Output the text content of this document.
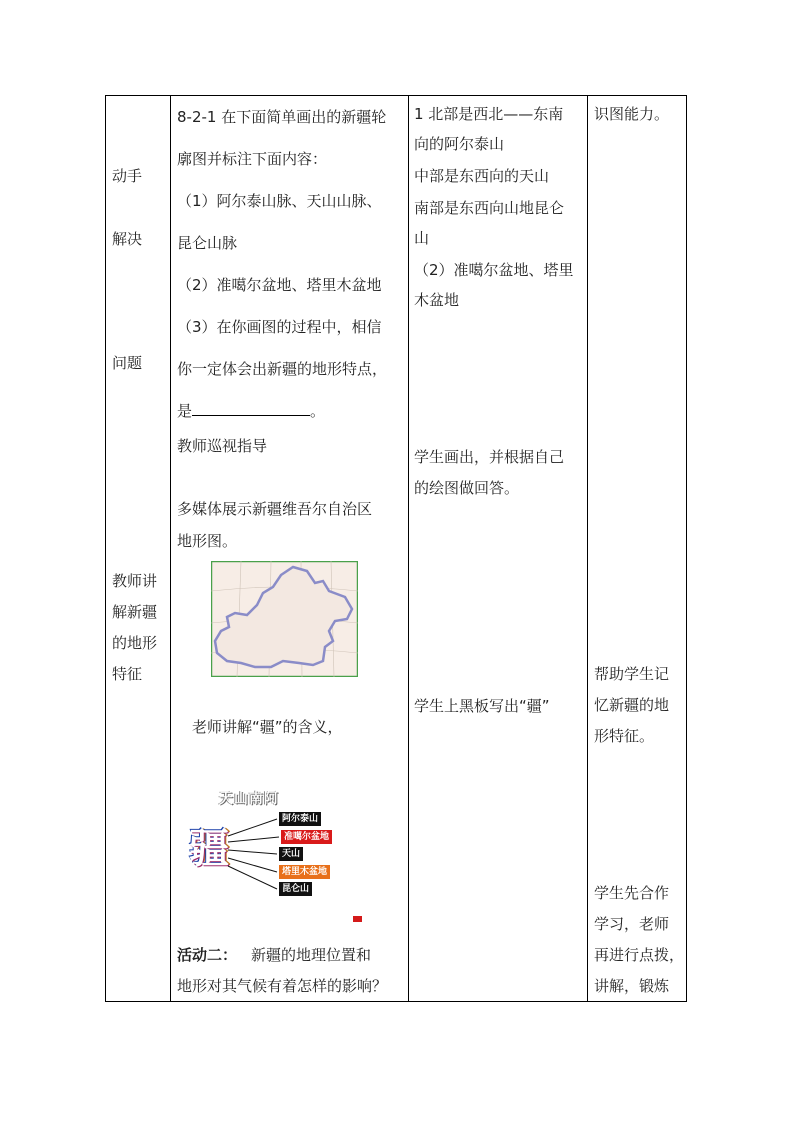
动手
解决
问题
教师讲
解新疆
的地形
特征
8-2-1 在下面简单画出的新疆轮
廓图并标注下面内容：
（1）阿尔泰山脉、天山山脉、
昆仑山脉
（2）准噶尔盆地、塔里木盆地
（3）在你画图的过程中，相信
你一定体会出新疆的地形特点，
是	。
教师巡视指导
多媒体展示新疆维吾尔自治区
地形图。
老师讲解“疆”的含义，
天山南阿
疆
阿尔泰山
准噶尔盆地
天山
塔里木盆地
昆仑山
活动二： 新疆的地理位置和
地形对其气候有着怎样的影响？
1 北部是西北——东南
向的阿尔泰山
中部是东西向的天山
南部是东西向山地昆仑
山
（2）准噶尔盆地、塔里
木盆地
学生画出，并根据自己
的绘图做回答。
学生上黑板写出“疆”
识图能力。
帮助学生记
忆新疆的地
形特征。
学生先合作
学习，老师
再进行点拨，
讲解，锻炼
